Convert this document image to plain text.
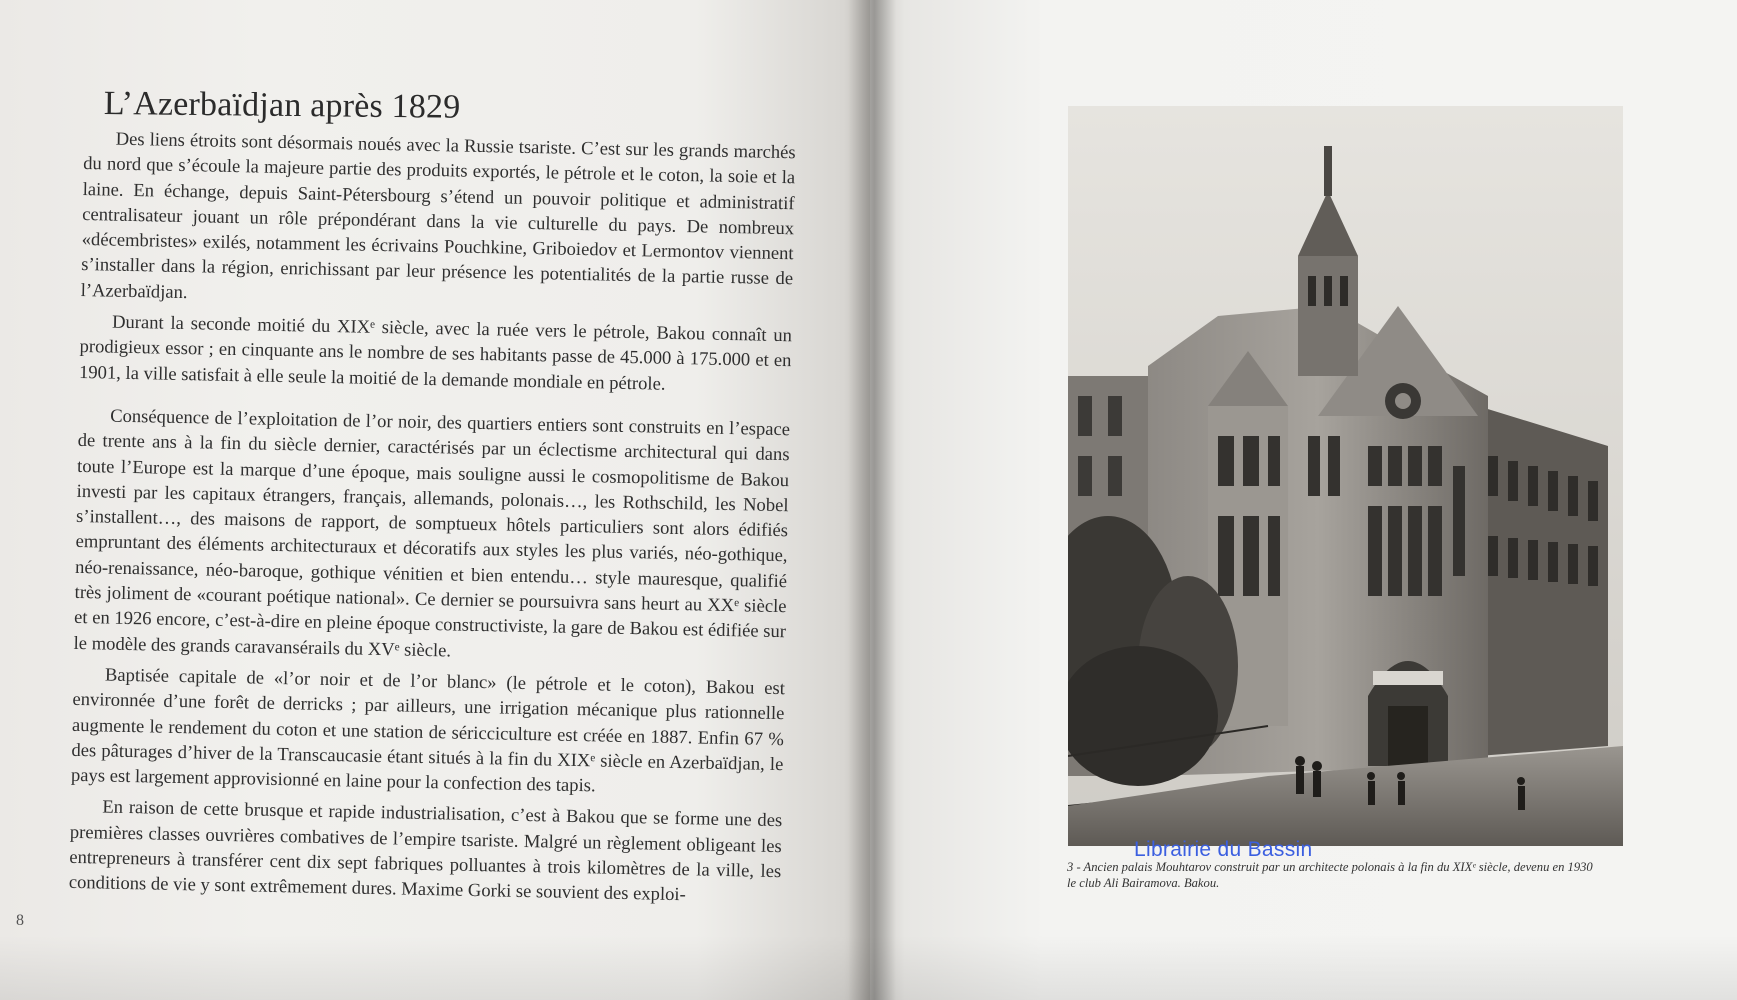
L’Azerbaïdjan après 1829

Des liens étroits sont désormais noués avec la Russie tsariste. C’est sur les grands marchés du nord que s’écoule la majeure partie des produits exportés, le pétrole et le coton, la soie et la laine. En échange, depuis Saint-Pétersbourg s’étend un pouvoir politique et administratif centralisateur jouant un rôle prépondérant dans la vie culturelle du pays. De nombreux «décembristes» exilés, notamment les écrivains Pouchkine, Griboiedov et Lermontov viennent s’installer dans la région, enrichissant par leur présence les potentialités de la partie russe de l’Azerbaïdjan.

Durant la seconde moitié du XIXᵉ siècle, avec la ruée vers le pétrole, Bakou connaît un prodigieux essor ; en cinquante ans le nombre de ses habitants passe de 45.000 à 175.000 et en 1901, la ville satisfait à elle seule la moitié de la demande mondiale en pétrole.

Conséquence de l’exploitation de l’or noir, des quartiers entiers sont construits en l’espace de trente ans à la fin du siècle dernier, caractérisés par un éclectisme architectural qui dans toute l’Europe est la marque d’une époque, mais souligne aussi le cosmopolitisme de Bakou investi par les capitaux étrangers, français, allemands, polonais…, les Rothschild, les Nobel s’installent…, des maisons de rapport, de somptueux hôtels particuliers sont alors édifiés empruntant des éléments architecturaux et décoratifs aux styles les plus variés, néo-gothique, néo-renaissance, néo-baroque, gothique vénitien et bien entendu… style mauresque, qualifié très joliment de «courant poétique national». Ce dernier se poursuivra sans heurt au XXᵉ siècle et en 1926 encore, c’est-à-dire en pleine époque constructiviste, la gare de Bakou est édifiée sur le modèle des grands caravansérails du XVᵉ siècle.

Baptisée capitale de «l’or noir et de l’or blanc» (le pétrole et le coton), Bakou est environnée d’une forêt de derricks ; par ailleurs, une irrigation mécanique plus rationnelle augmente le rendement du coton et une station de séricciculture est créée en 1887. Enfin 67 % des pâturages d’hiver de la Transcaucasie étant situés à la fin du XIXᵉ siècle en Azerbaïdjan, le pays est largement approvisionné en laine pour la confection des tapis.

En raison de cette brusque et rapide industrialisation, c’est à Bakou que se forme une des premières classes ouvrières combatives de l’empire tsariste. Malgré un règlement obligeant les entrepreneurs à transférer cent dix sept fabriques polluantes à trois kilomètres de la ville, les conditions de vie y sont extrêmement dures. Maxime Gorki se souvient des exploi-

8
Librairie du Bassin
3 - Ancien palais Mouhtarov construit par un architecte polonais à la fin du XIXᵉ siècle, devenu en 1930
le club Ali Bairamova. Bakou.
